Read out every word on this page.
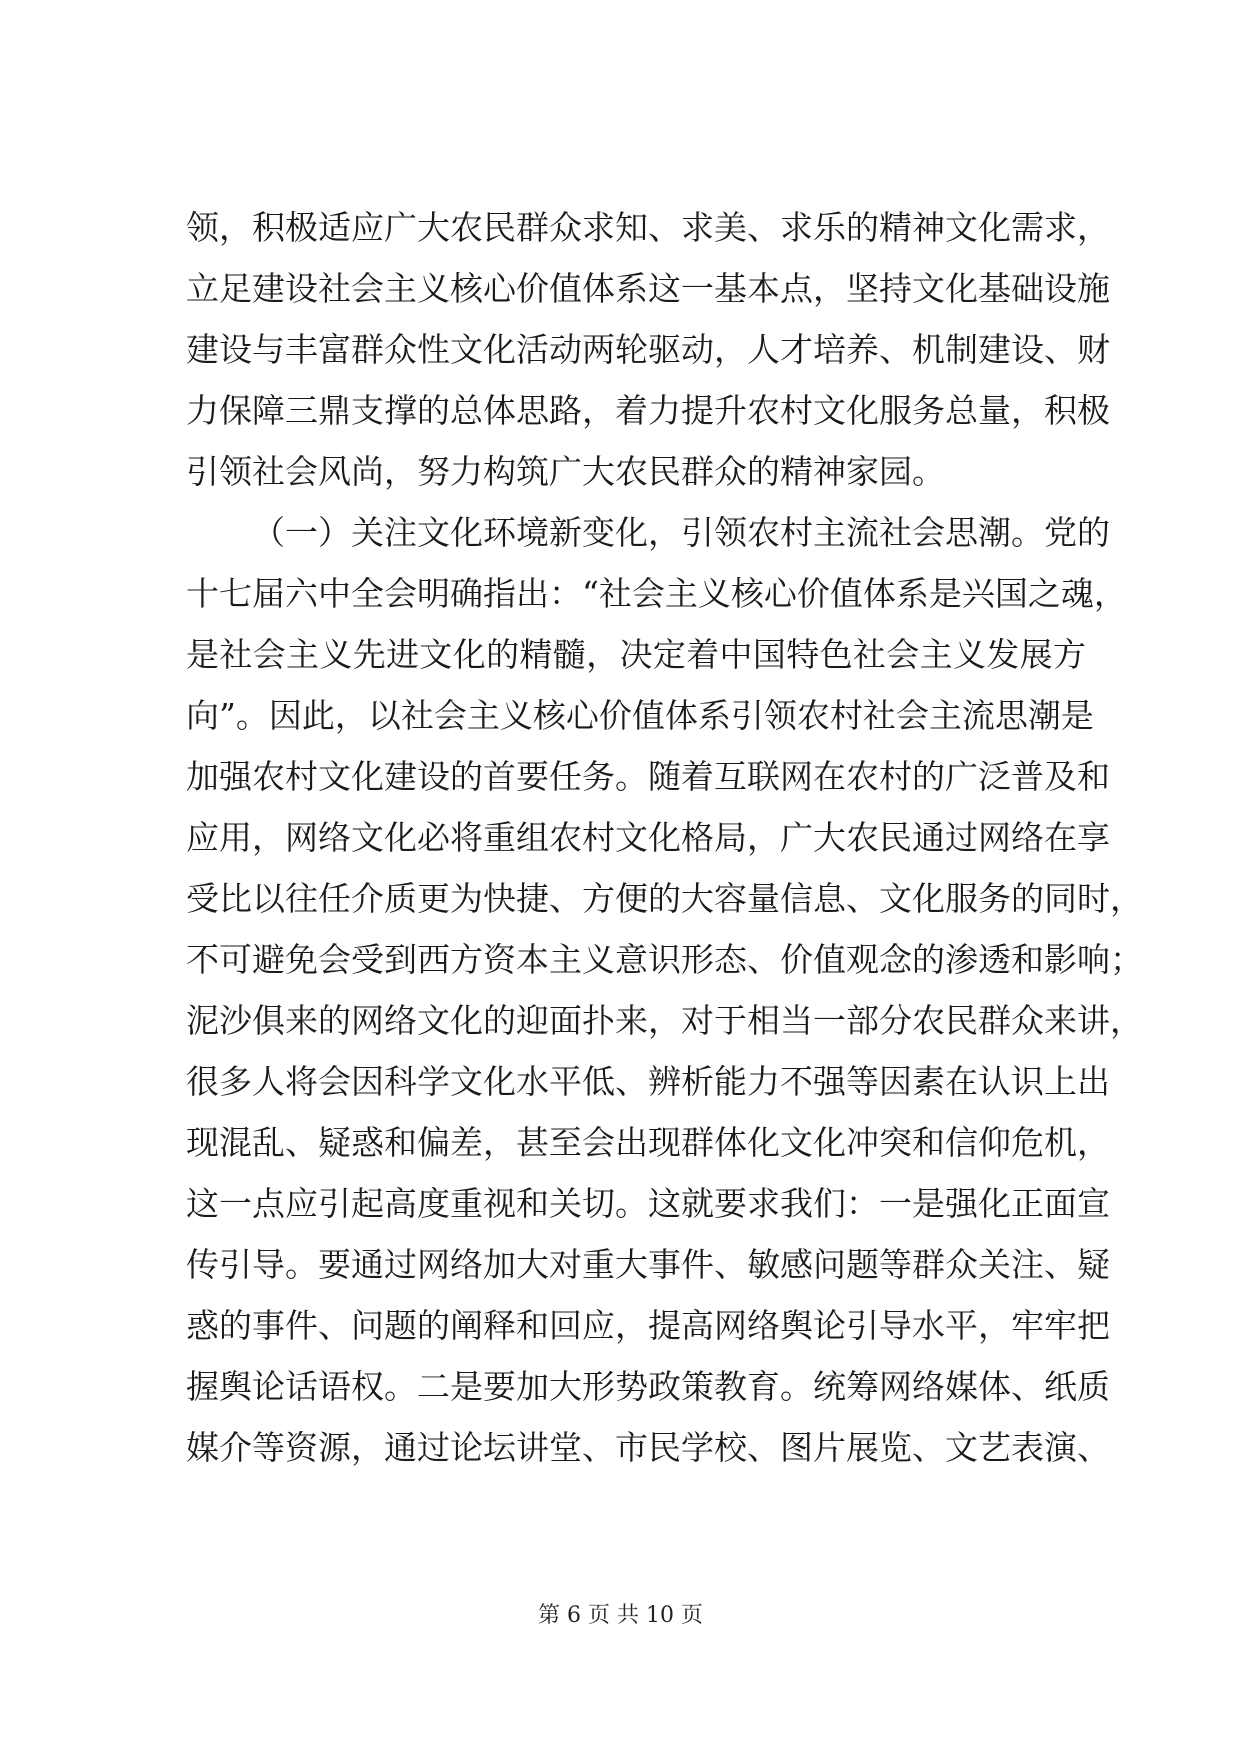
领，积极适应广大农民群众求知、求美、求乐的精神文化需求，
立足建设社会主义核心价值体系这一基本点，坚持文化基础设施
建设与丰富群众性文化活动两轮驱动，人才培养、机制建设、财
力保障三鼎支撑的总体思路，着力提升农村文化服务总量，积极
引领社会风尚，努力构筑广大农民群众的精神家园。
（一）关注文化环境新变化，引领农村主流社会思潮。党的
十七届六中全会明确指出：“社会主义核心价值体系是兴国之魂，
是社会主义先进文化的精髓，决定着中国特色社会主义发展方
向”。因此，以社会主义核心价值体系引领农村社会主流思潮是
加强农村文化建设的首要任务。随着互联网在农村的广泛普及和
应用，网络文化必将重组农村文化格局，广大农民通过网络在享
受比以往任介质更为快捷、方便的大容量信息、文化服务的同时，
不可避免会受到西方资本主义意识形态、价值观念的渗透和影响；
泥沙俱来的网络文化的迎面扑来，对于相当一部分农民群众来讲，
很多人将会因科学文化水平低、辨析能力不强等因素在认识上出
现混乱、疑惑和偏差，甚至会出现群体化文化冲突和信仰危机，
这一点应引起高度重视和关切。这就要求我们：一是强化正面宣
传引导。要通过网络加大对重大事件、敏感问题等群众关注、疑
惑的事件、问题的阐释和回应，提高网络舆论引导水平，牢牢把
握舆论话语权。二是要加大形势政策教育。统筹网络媒体、纸质
媒介等资源，通过论坛讲堂、市民学校、图片展览、文艺表演、
第 6 页 共 10 页
